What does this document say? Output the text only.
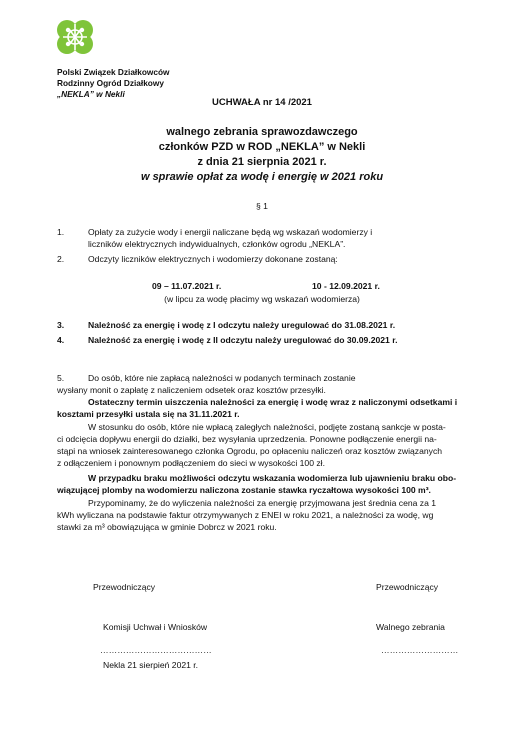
Polski Związek Działkowców
Rodzinny Ogród Działkowy
„NEKLA” w Nekli
UCHWAŁA nr 14 /2021
walnego zebrania sprawozdawczego
członków PZD w ROD „NEKLA” w Nekli
z dnia 21 sierpnia 2021 r.
w sprawie opłat za wodę i energię w 2021 roku
§ 1
1.	Opłaty za zużycie wody i energii naliczane będą wg wskazań wodomierzy i
liczników elektrycznych indywidualnych, członków ogrodu „NEKLA”.
2.	Odczyty liczników elektrycznych i wodomierzy dokonane zostaną:
09 – 11.07.2021 r.	10 - 12.09.2021 r.
(w lipcu za wodę płacimy wg wskazań wodomierza)
3.	Należność za energię i wodę z I odczytu należy uregulować do 31.08.2021 r.
4.	Należność za energię i wodę z II odczytu należy uregulować do 30.09.2021 r.
5.	Do osób, które nie zapłacą należności w podanych terminach zostanie
wysłany monit o zapłatę z naliczeniem odsetek oraz kosztów przesyłki.
Ostateczny termin uiszczenia należności za energię i wodę wraz z naliczonymi odsetkami i
kosztami przesyłki ustala się na 31.11.2021 r.
W stosunku do osób, które nie wpłacą zaległych należności, podjęte zostaną sankcje w posta-
ci odcięcia dopływu energii do działki, bez wysyłania uprzedzenia. Ponowne podłączenie energii na-
stąpi na wniosek zainteresowanego członka Ogrodu, po opłaceniu naliczeń oraz kosztów związanych
z odłączeniem i ponownym podłączeniem do sieci w wysokości 100 zł.
W przypadku braku możliwości odczytu wskazania wodomierza lub ujawnieniu braku obo-
wiązującej plomby na wodomierzu naliczona zostanie stawka ryczałtowa wysokości 100 m³.
Przypominamy, że do wyliczenia należności za energię przyjmowana jest średnia cena za 1
kWh wyliczana na podstawie faktur otrzymywanych z ENEI w roku 2021, a należności za wodę, wg
stawki za m³ obowiązująca w gminie Dobrcz w 2021 roku.
Przewodniczący	Przewodniczący
Komisji Uchwał i Wniosków	Walnego zebrania
…………………………………	………………………
Nekla 21 sierpień 2021 r.
